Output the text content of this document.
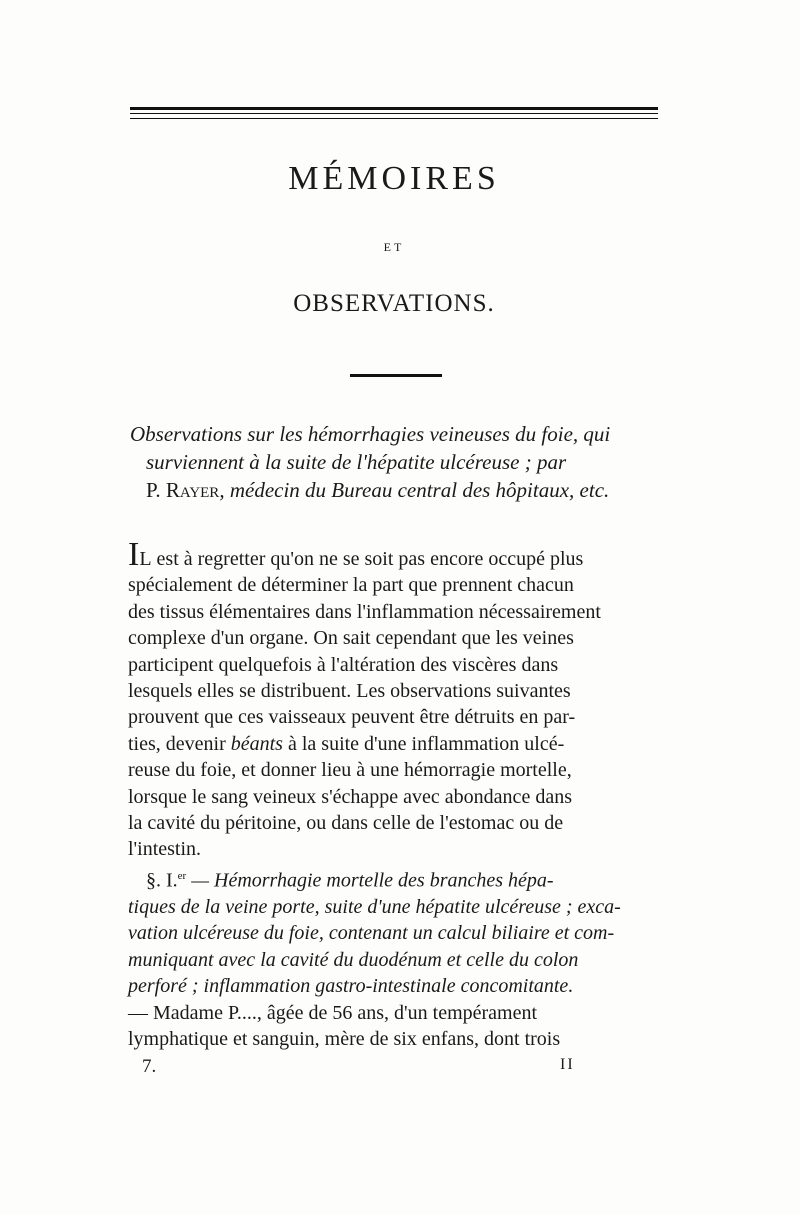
MÉMOIRES
ET
OBSERVATIONS.
Observations sur les hémorrhagies veineuses du foie, qui
surviennent à la suite de l'hépatite ulcéreuse ; par
P. Rayer, médecin du Bureau central des hôpitaux, etc.
IL est à regretter qu'on ne se soit pas encore occupé plus
spécialement de déterminer la part que prennent chacun
des tissus élémentaires dans l'inflammation nécessairement
complexe d'un organe. On sait cependant que les veines
participent quelquefois à l'altération des viscères dans
lesquels elles se distribuent. Les observations suivantes
prouvent que ces vaisseaux peuvent être détruits en par-
ties, devenir béants à la suite d'une inflammation ulcé-
reuse du foie, et donner lieu à une hémorragie mortelle,
lorsque le sang veineux s'échappe avec abondance dans
la cavité du péritoine, ou dans celle de l'estomac ou de
l'intestin.
§. I.$^{er}$ — Hémorrhagie mortelle des branches hépa-
tiques de la veine porte, suite d'une hépatite ulcéreuse ; exca-
vation ulcéreuse du foie, contenant un calcul biliaire et com-
muniquant avec la cavité du duodénum et celle du colon
perforé ; inflammation gastro-intestinale concomitante.
— Madame P...., âgée de 56 ans, d'un tempérament
lymphatique et sanguin, mère de six enfans, dont trois
7.	II
